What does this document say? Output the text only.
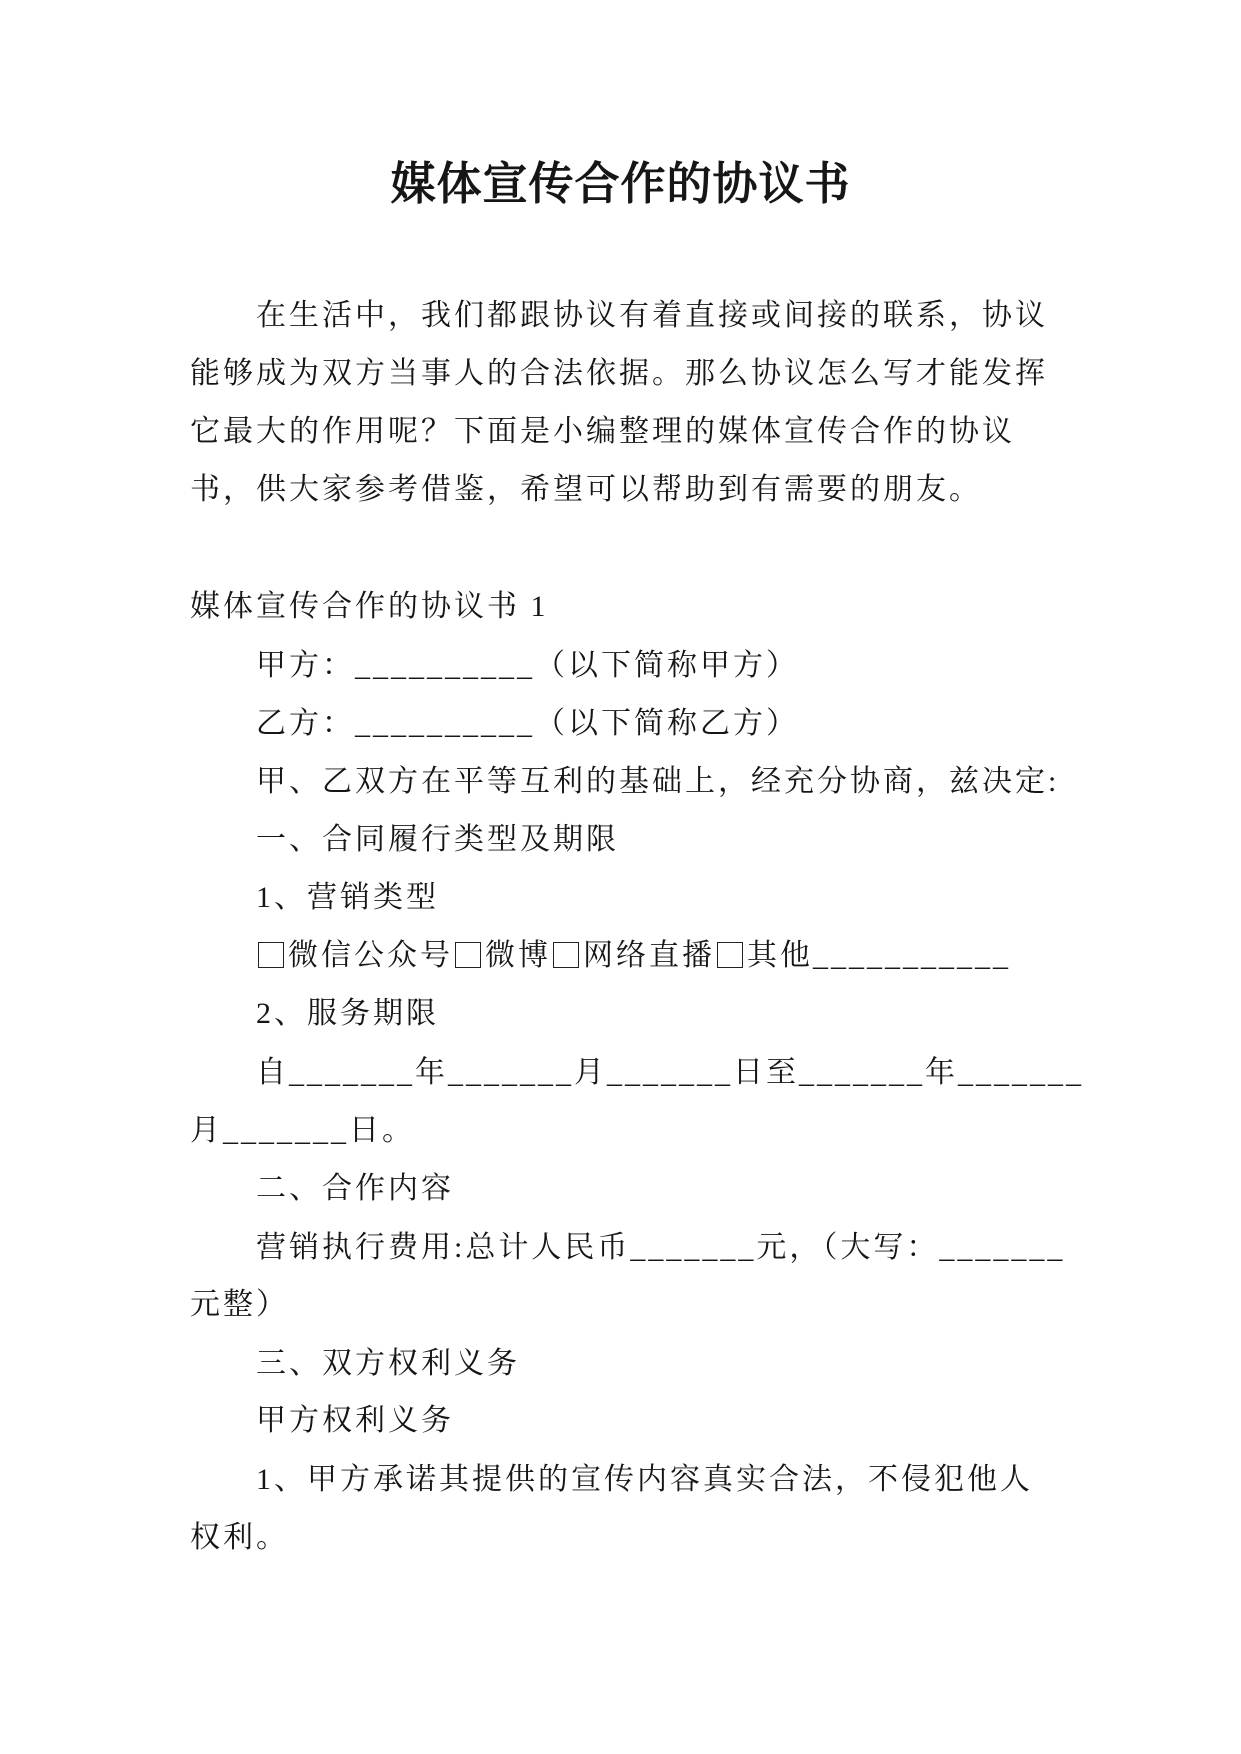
媒体宣传合作的协议书
在生活中，我们都跟协议有着直接或间接的联系，协议
能够成为双方当事人的合法依据。那么协议怎么写才能发挥
它最大的作用呢？下面是小编整理的媒体宣传合作的协议
书，供大家参考借鉴，希望可以帮助到有需要的朋友。
媒体宣传合作的协议书 1
甲方：__________（以下简称甲方）
乙方：__________（以下简称乙方）
甲、乙双方在平等互利的基础上，经充分协商，兹决定:
一、合同履行类型及期限
1、营销类型
微信公众号 微博 网络直播 其他___________
2、服务期限
自_______年_______月_______日至_______年_______
月_______日。
二、合作内容
营销执行费用:总计人民币_______元，（大写：_______
元整）
三、双方权利义务
甲方权利义务
1、甲方承诺其提供的宣传内容真实合法，不侵犯他人
权利。
